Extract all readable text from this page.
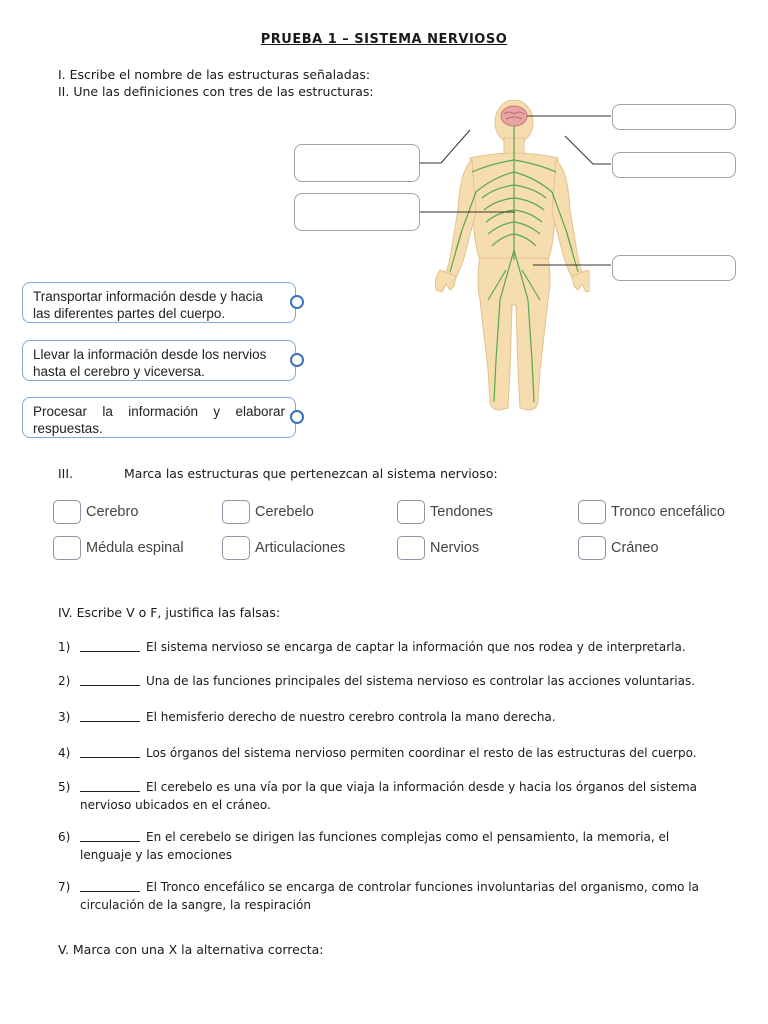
PRUEBA 1 – SISTEMA NERVIOSO
I. Escribe el nombre de las estructuras señaladas:
II. Une las definiciones con tres de las estructuras:
Transportar información desde y hacia
las diferentes partes del cuerpo.
Llevar la información desde los nervios
hasta el cerebro y viceversa.
Procesar la información y elaborar
respuestas.
III.	Marca las estructuras que pertenezcan al sistema nervioso:
Cerebro	Cerebelo	Tendones	Tronco encefálico
Médula espinal	Articulaciones	Nervios	Cráneo
IV. Escribe V o F, justifica las falsas:
1)	El sistema nervioso se encarga de captar la información que nos rodea y de interpretarla.
2)	Una de las funciones principales del sistema nervioso es controlar las acciones voluntarias.
3)	El hemisferio derecho de nuestro cerebro controla la mano derecha.
4)	Los órganos del sistema nervioso permiten coordinar el resto de las estructuras del cuerpo.
5)	El cerebelo es una vía por la que viaja la información desde y hacia los órganos del sistema
nervioso ubicados en el cráneo.
6)	En el cerebelo se dirigen las funciones complejas como el pensamiento, la memoria, el
lenguaje y las emociones
7)	El Tronco encefálico se encarga de controlar funciones involuntarias del organismo, como la
circulación de la sangre, la respiración
V. Marca con una X la alternativa correcta:
